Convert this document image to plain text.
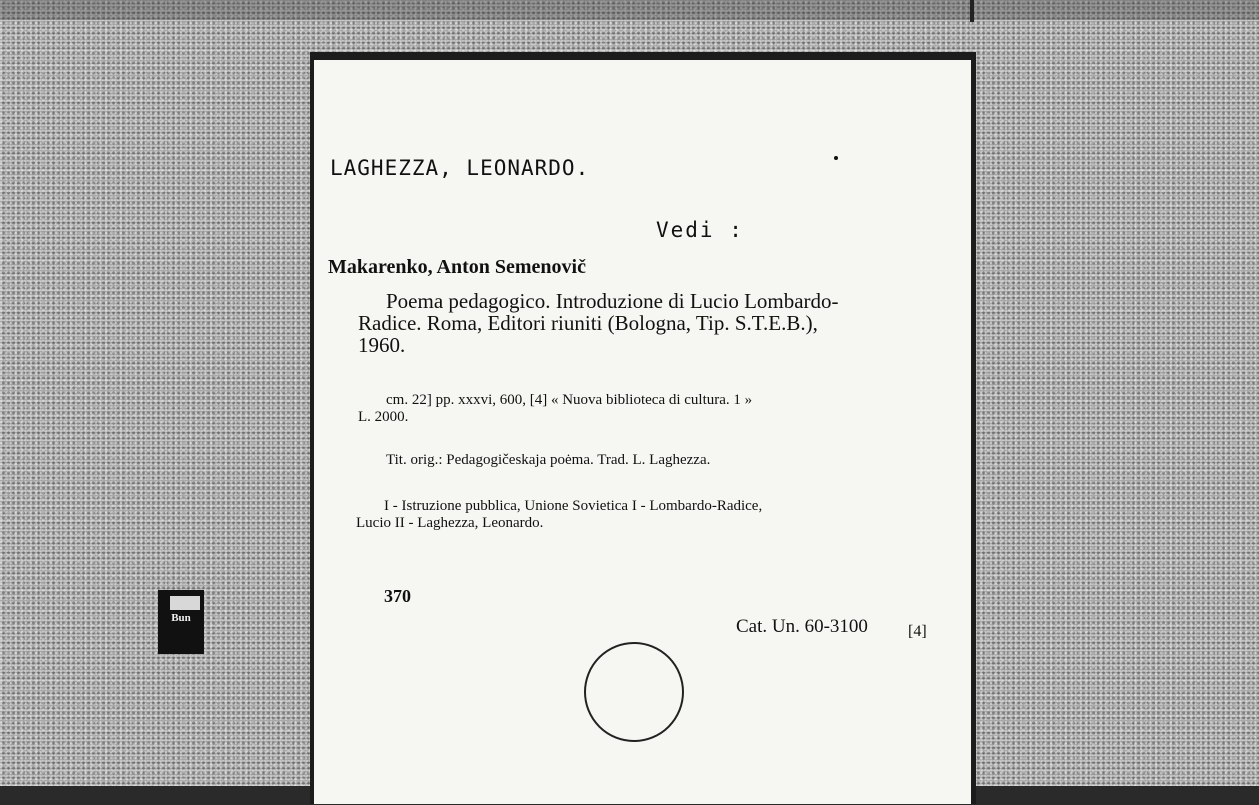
Bun
LAGHEZZA, LEONARDO.
Vedi :
Makarenko, Anton Semenovič
Poema pedagogico. Introduzione di Lucio Lombardo-
Radice. Roma, Editori riuniti (Bologna, Tip. S.T.E.B.),
1960.
cm. 22] pp. xxxvi, 600, [4] « Nuova biblioteca di cultura. 1 »
L. 2000.
Tit. orig.: Pedagogičeskaja poėma. Trad. L. Laghezza.
I - Istruzione pubblica, Unione Sovietica I - Lombardo-Radice,
Lucio II - Laghezza, Leonardo.
370
Cat. Un. 60-3100	[4]
